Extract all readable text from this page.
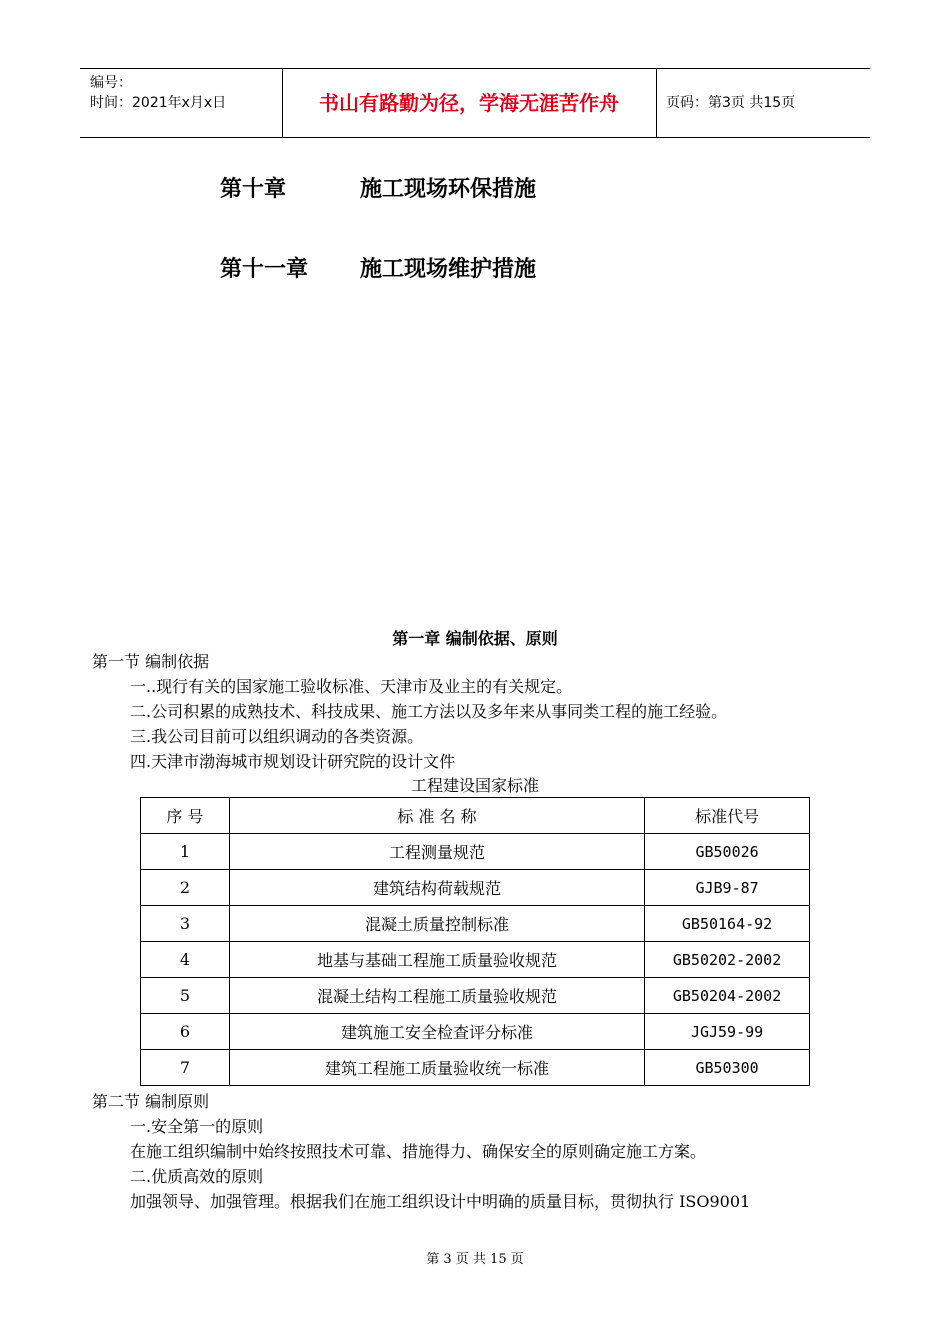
编号：
时间：2021年x月x日	书山有路勤为径，学海无涯苦作舟	页码：第3页 共15页
第十章	施工现场环保措施
第十一章 施工现场维护措施
第一章 编制依据、原则
第一节 编制依据
一..现行有关的国家施工验收标准、天津市及业主的有关规定。
二.公司积累的成熟技术、科技成果、施工方法以及多年来从事同类工程的施工经验。
三.我公司目前可以组织调动的各类资源。
四.天津市渤海城市规划设计研究院的设计文件
工程建设国家标准
序 号	标 准 名 称	标准代号
1	工程测量规范	GB50026
2	建筑结构荷载规范	GJB9-87
3	混凝土质量控制标准	GB50164-92
4	地基与基础工程施工质量验收规范	GB50202-2002
5	混凝土结构工程施工质量验收规范	GB50204-2002
6	建筑施工安全检查评分标准	JGJ59-99
7	建筑工程施工质量验收统一标准	GB50300
第二节 编制原则
一.安全第一的原则
在施工组织编制中始终按照技术可靠、措施得力、确保安全的原则确定施工方案。
二.优质高效的原则
加强领导、加强管理。根据我们在施工组织设计中明确的质量目标，贯彻执行 ISO9001
第 3 页 共 15 页
